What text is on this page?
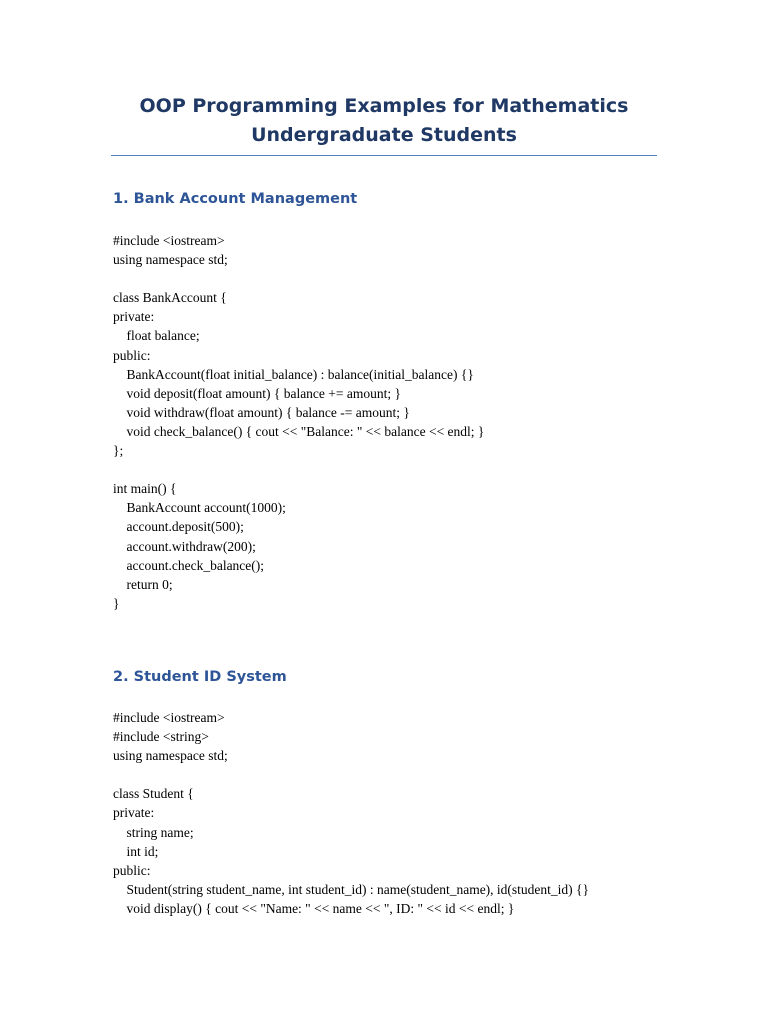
OOP Programming Examples for Mathematics
Undergraduate Students
1. Bank Account Management
#include <iostream>
using namespace std;

class BankAccount {
private:
float balance;
public:
BankAccount(float initial_balance) : balance(initial_balance) {}
void deposit(float amount) { balance += amount; }
void withdraw(float amount) { balance -= amount; }
void check_balance() { cout << "Balance: " << balance << endl; }
};

int main() {
BankAccount account(1000);
account.deposit(500);
account.withdraw(200);
account.check_balance();
return 0;
}
2. Student ID System
#include <iostream>
#include <string>
using namespace std;

class Student {
private:
string name;
int id;
public:
Student(string student_name, int student_id) : name(student_name), id(student_id) {}
void display() { cout << "Name: " << name << ", ID: " << id << endl; }
